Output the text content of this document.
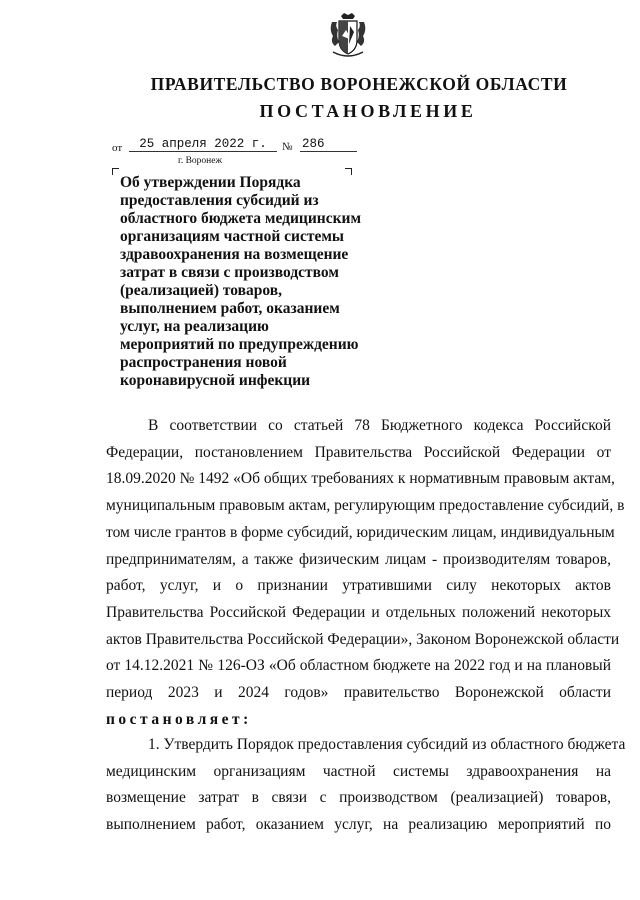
ПРАВИТЕЛЬСТВО ВОРОНЕЖСКОЙ ОБЛАСТИ
ПОСТАНОВЛЕНИЕ
от	25 апреля 2022 г.	№ 286
г. Воронеж
Об утверждении Порядка
предоставления субсидий из
областного бюджета медицинским
организациям частной системы
здравоохранения на возмещение
затрат в связи с производством
(реализацией) товаров,
выполнением работ, оказанием
услуг, на реализацию
мероприятий по предупреждению
распространения новой
коронавирусной инфекции
В соответствии со статьей 78 Бюджетного кодекса Российской
Федерации, постановлением Правительства Российской Федерации от
18.09.2020 № 1492 «Об общих требованиях к нормативным правовым актам,
муниципальным правовым актам, регулирующим предоставление субсидий, в
том числе грантов в форме субсидий, юридическим лицам, индивидуальным
предпринимателям, а также физическим лицам - производителям товаров,
работ, услуг, и о признании утратившими силу некоторых актов
Правительства Российской Федерации и отдельных положений некоторых
актов Правительства Российской Федерации», Законом Воронежской области
от 14.12.2021 № 126-ОЗ «Об областном бюджете на 2022 год и на плановый
период 2023 и 2024 годов» правительство Воронежской области
постановляет:
1. Утвердить Порядок предоставления субсидий из областного бюджета
медицинским организациям частной системы здравоохранения на
возмещение затрат в связи с производством (реализацией) товаров,
выполнением работ, оказанием услуг, на реализацию мероприятий по
